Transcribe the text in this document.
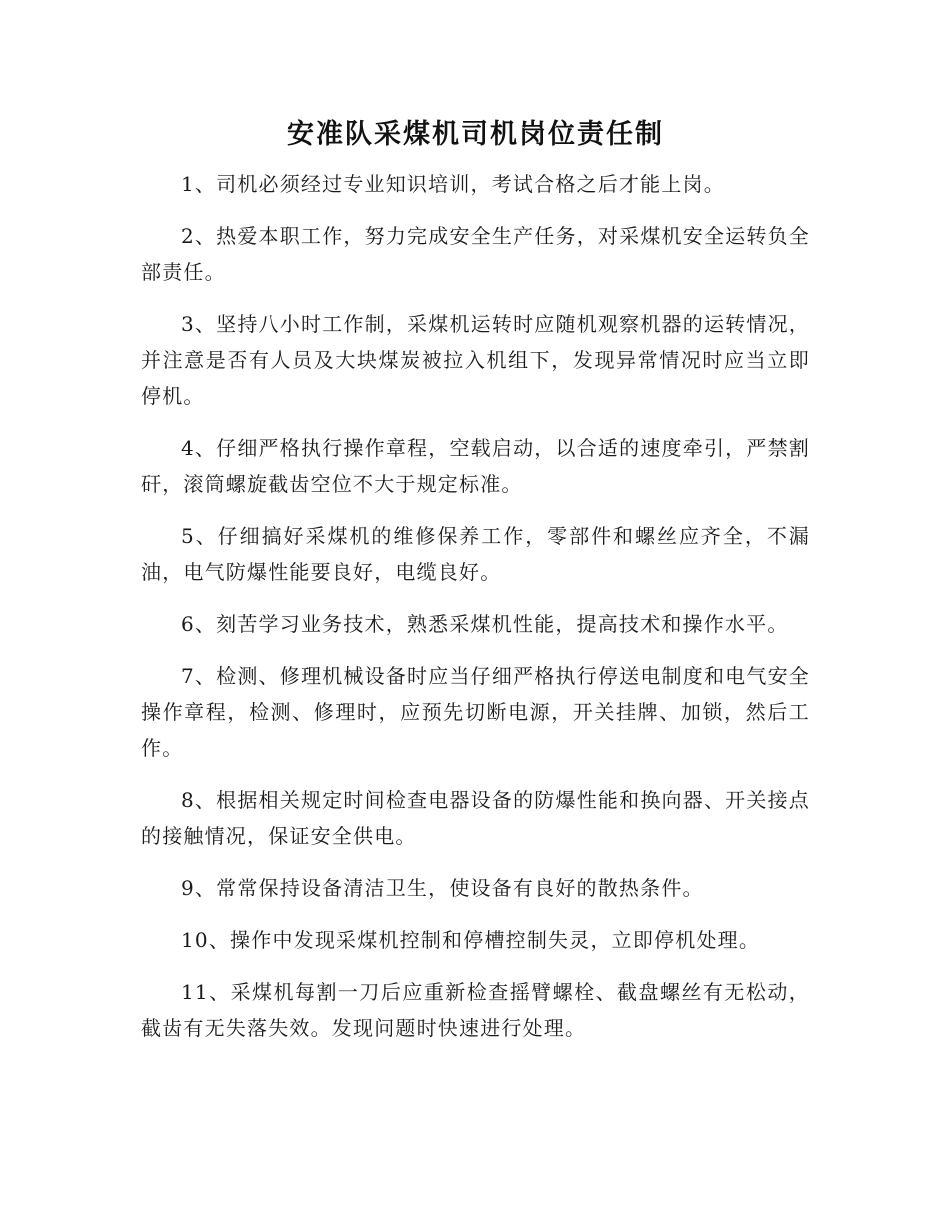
安准队采煤机司机岗位责任制

1、司机必须经过专业知识培训，考试合格之后才能上岗。

2、热爱本职工作，努力完成安全生产任务，对采煤机安全运转负全部责任。

3、坚持八小时工作制，采煤机运转时应随机观察机器的运转情况，并注意是否有人员及大块煤炭被拉入机组下，发现异常情况时应当立即停机。

4、仔细严格执行操作章程，空载启动，以合适的速度牵引，严禁割矸，滚筒螺旋截齿空位不大于规定标准。

5、仔细搞好采煤机的维修保养工作，零部件和螺丝应齐全，不漏油，电气防爆性能要良好，电缆良好。

6、刻苦学习业务技术，熟悉采煤机性能，提高技术和操作水平。

7、检测、修理机械设备时应当仔细严格执行停送电制度和电气安全操作章程，检测、修理时，应预先切断电源，开关挂牌、加锁，然后工作。

8、根据相关规定时间检查电器设备的防爆性能和换向器、开关接点的接触情况，保证安全供电。

9、常常保持设备清洁卫生，使设备有良好的散热条件。

10、操作中发现采煤机控制和停槽控制失灵，立即停机处理。

11、采煤机每割一刀后应重新检查摇臂螺栓、截盘螺丝有无松动，截齿有无失落失效。发现问题时快速进行处理。
